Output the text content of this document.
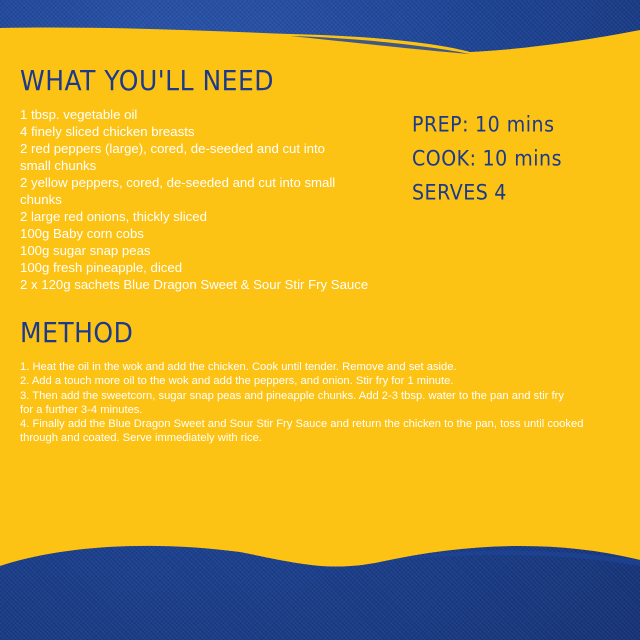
WHAT YOU'LL NEED
1 tbsp. vegetable oil
4 finely sliced chicken breasts
2 red peppers (large), cored, de-seeded and cut into small chunks
2 yellow peppers, cored, de-seeded and cut into small chunks
2 large red onions, thickly sliced
100g Baby corn cobs
100g sugar snap peas
100g fresh pineapple, diced
2 x 120g sachets Blue Dragon Sweet & Sour Stir Fry Sauce
PREP: 10 mins
COOK: 10 mins
SERVES 4
METHOD
1. Heat the oil in the wok and add the chicken. Cook until tender. Remove and set aside.
2. Add a touch more oil to the wok and add the peppers, and onion. Stir fry for 1 minute.
3. Then add the sweetcorn, sugar snap peas and pineapple chunks. Add 2-3 tbsp. water to the pan and stir fry for a further 3-4 minutes.
4. Finally add the Blue Dragon Sweet and Sour Stir Fry Sauce and return the chicken to the pan, toss until cooked through and coated. Serve immediately with rice.
